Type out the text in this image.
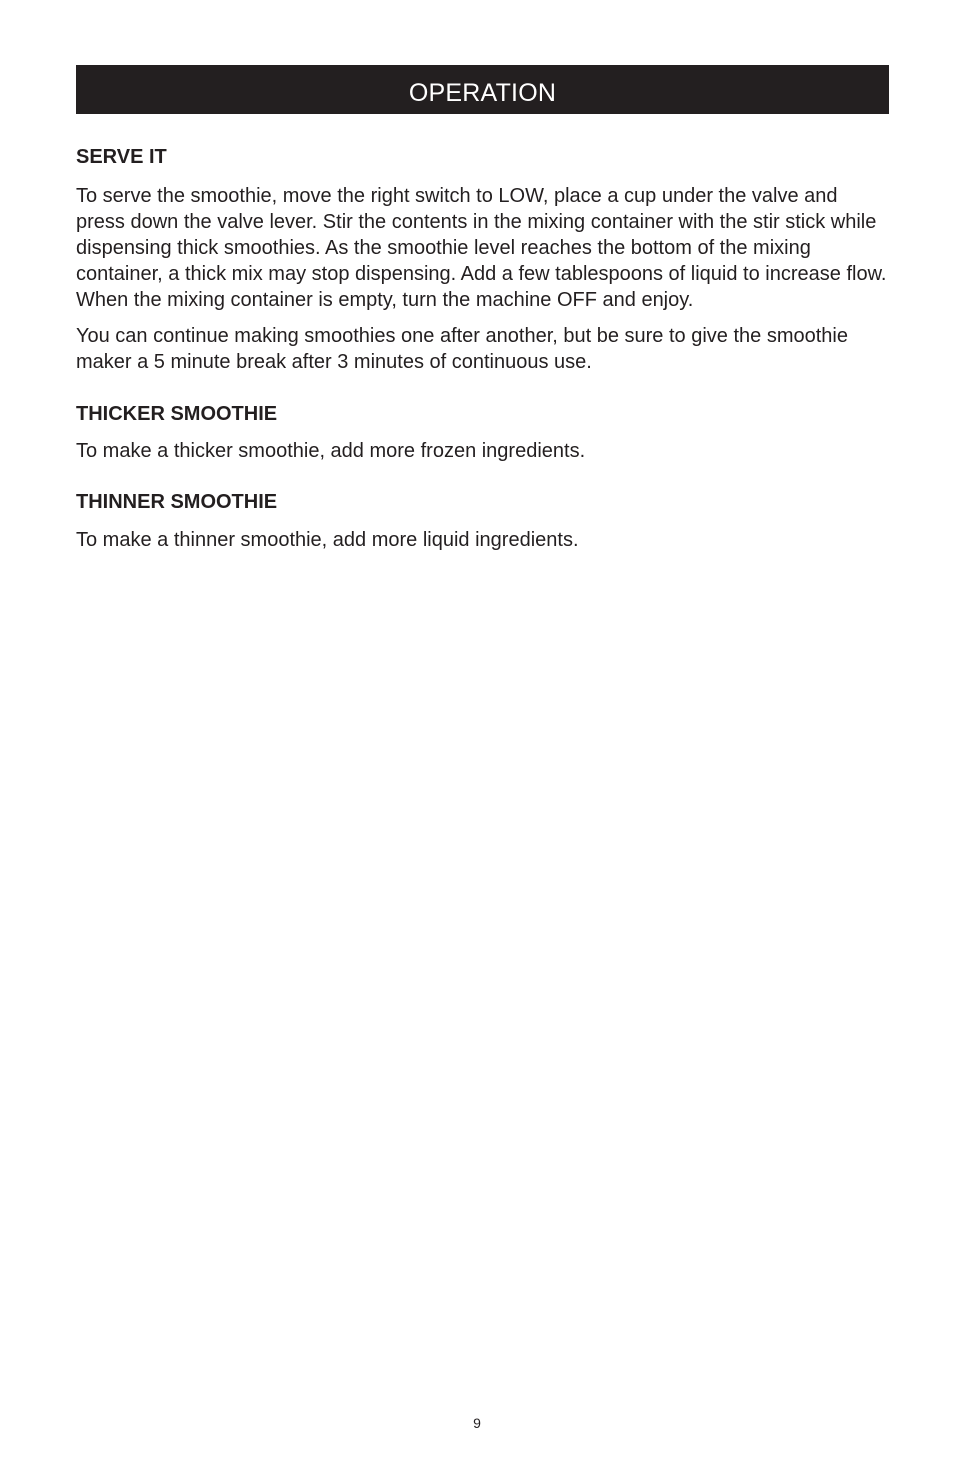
OPERATION
SERVE IT

To serve the smoothie, move the right switch to LOW, place a cup under the valve and press down the valve lever. Stir the contents in the mixing container with the stir stick while dispensing thick smoothies. As the smoothie level reaches the bottom of the mixing container, a thick mix may stop dispensing. Add a few tablespoons of liquid to increase flow. When the mixing container is empty, turn the machine OFF and enjoy.

You can continue making smoothies one after another, but be sure to give the smoothie maker a 5 minute break after 3 minutes of continuous use.

THICKER SMOOTHIE

To make a thicker smoothie, add more frozen ingredients.

THINNER SMOOTHIE

To make a thinner smoothie, add more liquid ingredients.

9
